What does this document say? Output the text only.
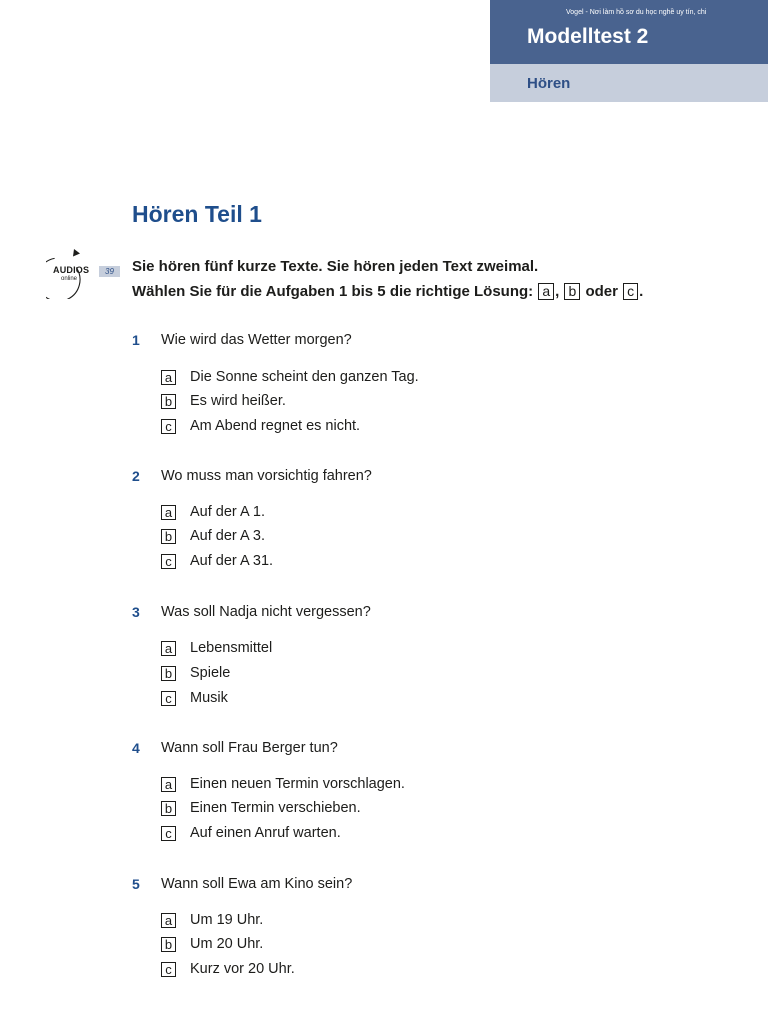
Vogel - Nơi làm hồ sơ du học nghề uy tín, chi
Modelltest 2
Hören
Hören Teil 1
AUDIOS
online
39	Sie hören fünf kurze Texte. Sie hören jeden Text zweimal.
Wählen Sie für die Aufgaben 1 bis 5 die richtige Lösung: a , b oder c .
1 Wie wird das Wetter morgen?
a Die Sonne scheint den ganzen Tag.
b Es wird heißer.
c Am Abend regnet es nicht.
2 Wo muss man vorsichtig fahren?
a Auf der A 1.
b Auf der A 3.
c Auf der A 31.
3 Was soll Nadja nicht vergessen?
a Lebensmittel
b Spiele
c Musik
4 Wann soll Frau Berger tun?
a Einen neuen Termin vorschlagen.
b Einen Termin verschieben.
c Auf einen Anruf warten.
5 Wann soll Ewa am Kino sein?
a Um 19 Uhr.
b Um 20 Uhr.
c Kurz vor 20 Uhr.
